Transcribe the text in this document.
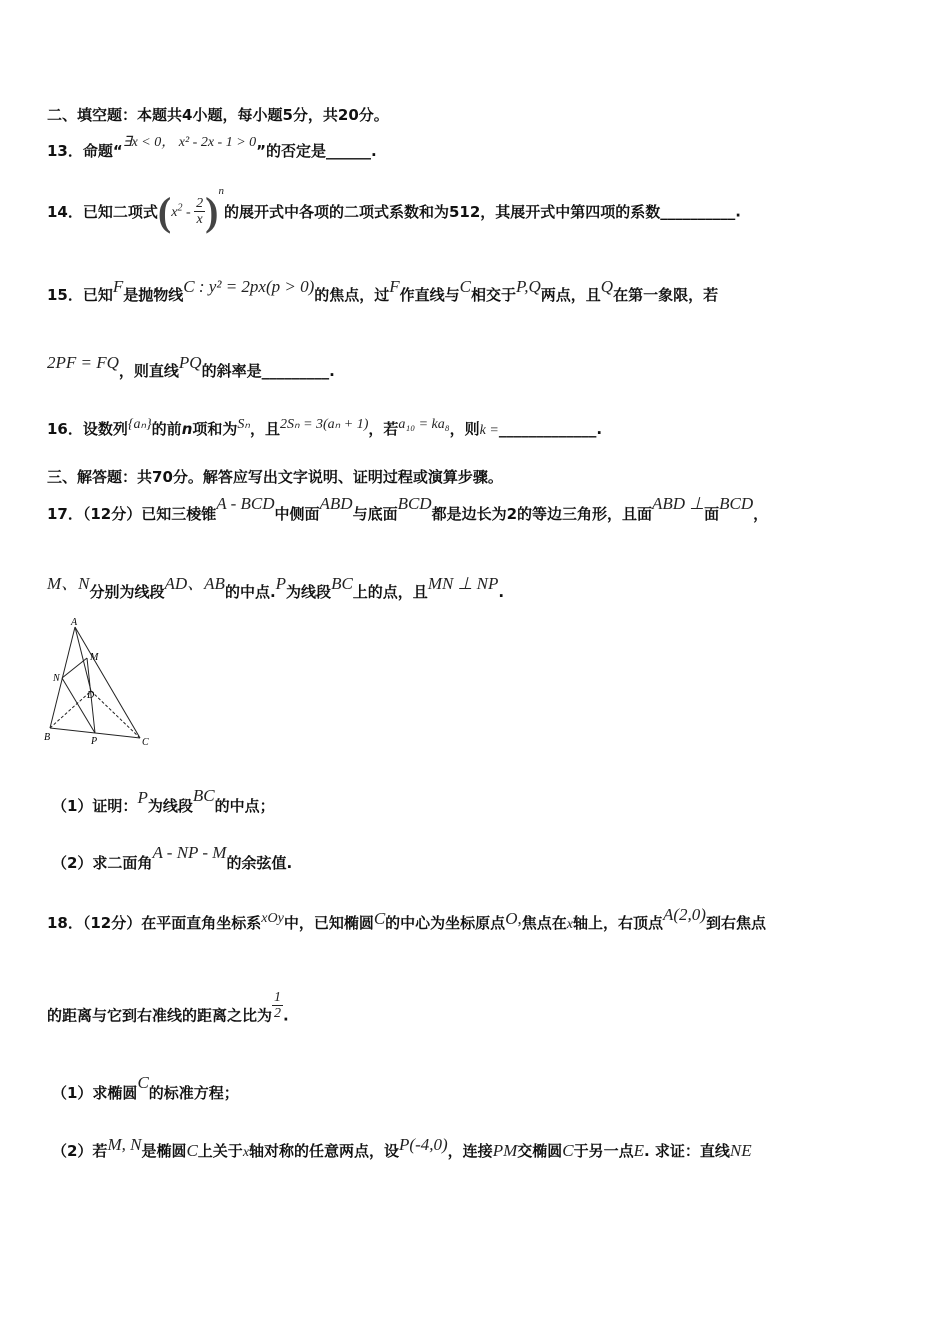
二、填空题：本题共4小题，每小题5分，共20分。
13．命题“∃x < 0， x² - 2x - 1 > 0”的否定是______.
14．已知二项式$(x^2 - \frac{2}{x} )^n$的展开式中各项的二项式系数和为512，其展开式中第四项的系数__________.
15．已知F是抛物线C : y² = 2px(p > 0)的焦点，过F作直线与C相交于P,Q两点，且Q在第一象限，若
2PF = FQ，则直线PQ的斜率是_________.
16．设数列{aₙ}的前n项和为Sₙ，且2Sₙ = 3(aₙ + 1)，若a₁₀ = ka₈，则k =_____________.
三、解答题：共70分。解答应写出文字说明、证明过程或演算步骤。
17．（12分）已知三棱锥A - BCD中侧面ABD与底面BCD都是边长为2的等边三角形，且面ABD ⊥面BCD，
M、N分别为线段AD、AB的中点.P为线段BC上的点，且MN ⊥ NP.
A
M
N
D
B	P	C
（1）证明：P为线段BC的中点；
（2）求二面角A - NP - M的余弦值.
18．（12分）在平面直角坐标系xOy中，已知椭圆C的中心为坐标原点O,焦点在x轴上，右顶点A(2,0)到右焦点
的距离与它到右准线的距离之比为 $\frac{1}{2}$ .
（1）求椭圆C的标准方程；
（2）若M, N是椭圆C上关于x轴对称的任意两点，设P(-4,0)，连接PM交椭圆C于另一点E. 求证：直线NE
